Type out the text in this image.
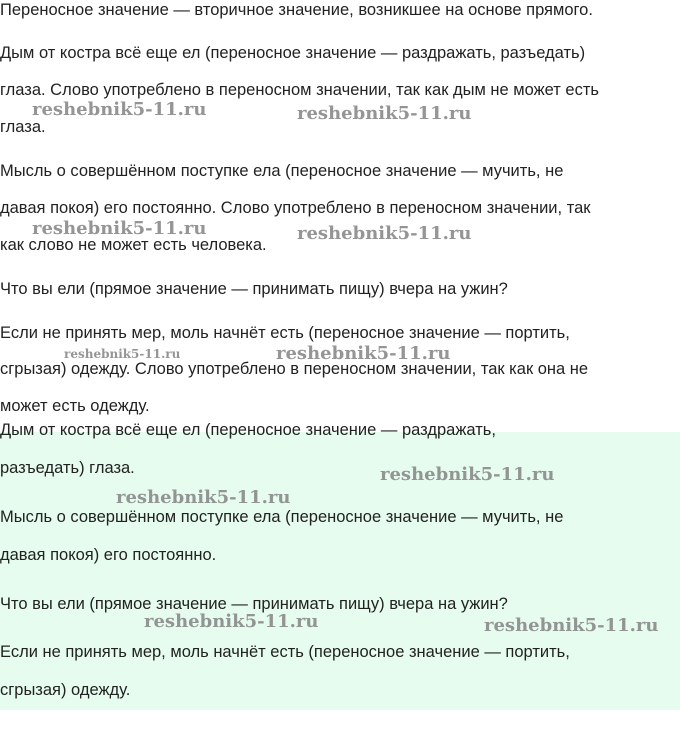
Переносное значение — вторичное значение, возникшее на основе прямого.
Дым от костра всё еще ел (переносное значение — раздражать, разъедать)
глаза. Слово употреблено в переносном значении, так как дым не может есть
глаза.
Мысль о совершённом поступке ела (переносное значение — мучить, не
давая покоя) его постоянно. Слово употреблено в переносном значении, так
как слово не может есть человека.
Что вы ели (прямое значение — принимать пищу) вчера на ужин?
Если не принять мер, моль начнёт есть (переносное значение — портить,
сгрызая) одежду. Слово употреблено в переносном значении, так как она не
может есть одежду.
Дым от костра всё еще ел (переносное значение — раздражать,
разъедать) глаза.
Мысль о совершённом поступке ела (переносное значение — мучить, не
давая покоя) его постоянно.
Что вы ели (прямое значение — принимать пищу) вчера на ужин?
Если не принять мер, моль начнёт есть (переносное значение — портить,
сгрызая) одежду.
reshebnik5-11.ru	reshebnik5-11.ru
reshebnik5-11.ru	reshebnik5-11.ru
reshebnik5-11.ru	reshebnik5-11.ru
reshebnik5-11.ru
reshebnik5-11.ru
reshebnik5-11.ru	reshebnik5-11.ru
